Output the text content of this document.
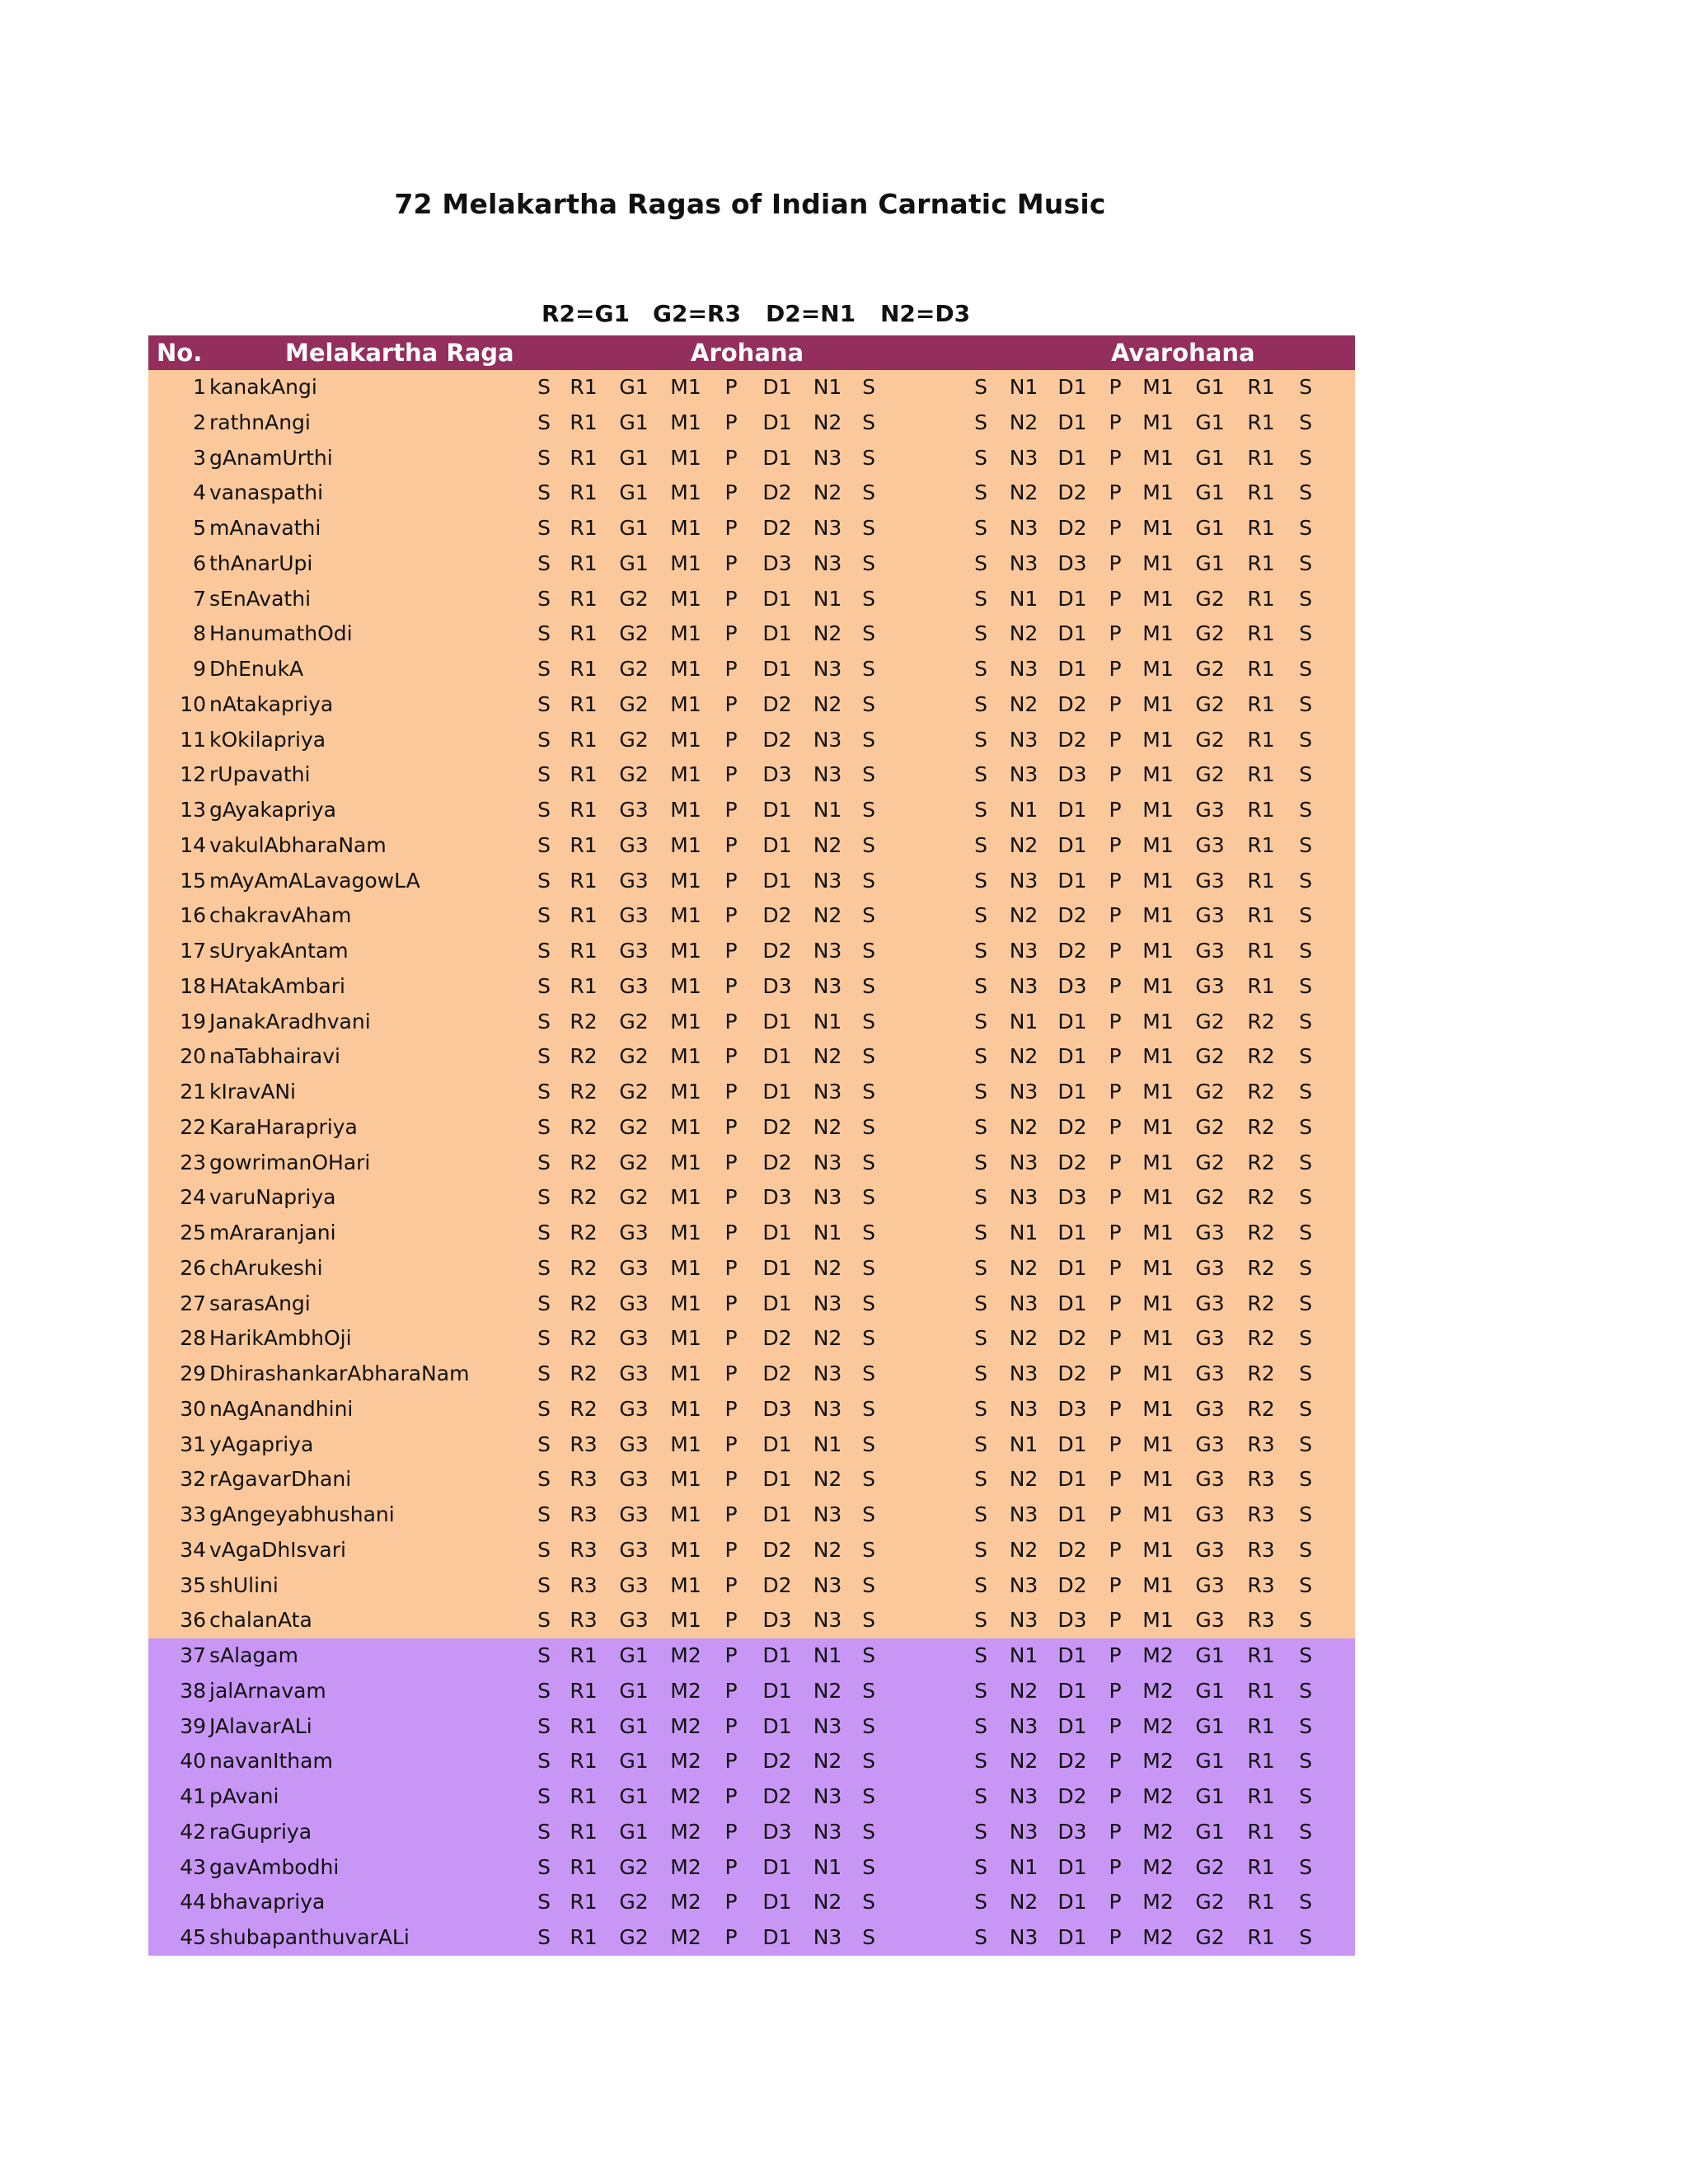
72 Melakartha Ragas of Indian Carnatic Music
R2=G1 G2=R3 D2=N1 N2=D3
No.	Melakartha Raga	Arohana	Avarohana
1 kanakAngi	S R1	G1	M1	P	D1	N1 S	S	N1 D1	P	M1	G1	R1	S
2 rathnAngi	S R1	G1	M1	P	D1	N2 S	S	N2 D1	P	M1	G1	R1	S
3 gAnamUrthi	S R1	G1	M1	P	D1	N3 S	S	N3 D1	P	M1	G1	R1	S
4 vanaspathi	S R1	G1	M1	P	D2	N2 S	S	N2 D2	P	M1	G1	R1	S
5 mAnavathi	S R1	G1	M1	P	D2	N3 S	S	N3 D2	P	M1	G1	R1	S
6 thAnarUpi	S R1	G1	M1	P	D3	N3 S	S	N3 D3	P	M1	G1	R1	S
7 sEnAvathi	S R1	G2	M1	P	D1	N1 S	S	N1 D1	P	M1	G2	R1	S
8 HanumathOdi	S R1	G2	M1	P	D1	N2 S	S	N2 D1	P	M1	G2	R1	S
9 DhEnukA	S R1	G2	M1	P	D1	N3 S	S	N3 D1	P	M1	G2	R1	S
10 nAtakapriya	S R1	G2	M1	P	D2	N2 S	S	N2 D2	P	M1	G2	R1	S
11 kOkilapriya	S R1	G2	M1	P	D2	N3 S	S	N3 D2	P	M1	G2	R1	S
12 rUpavathi	S R1	G2	M1	P	D3	N3 S	S	N3 D3	P	M1	G2	R1	S
13 gAyakapriya	S R1	G3	M1	P	D1	N1 S	S	N1 D1	P	M1	G3	R1	S
14 vakulAbharaNam	S R1	G3	M1	P	D1	N2 S	S	N2 D1	P	M1	G3	R1	S
15 mAyAmALavagowLA	S R1	G3	M1	P	D1	N3 S	S	N3 D1	P	M1	G3	R1	S
16 chakravAham	S R1	G3	M1	P	D2	N2 S	S	N2 D2	P	M1	G3	R1	S
17 sUryakAntam	S R1	G3	M1	P	D2	N3 S	S	N3 D2	P	M1	G3	R1	S
18 HAtakAmbari	S R1	G3	M1	P	D3	N3 S	S	N3 D3	P	M1	G3	R1	S
19 JanakAradhvani	S R2	G2	M1	P	D1	N1 S	S	N1 D1	P	M1	G2	R2	S
20 naTabhairavi	S R2	G2	M1	P	D1	N2 S	S	N2 D1	P	M1	G2	R2	S
21 kIravANi	S R2	G2	M1	P	D1	N3 S	S	N3 D1	P	M1	G2	R2	S
22 KaraHarapriya	S R2	G2	M1	P	D2	N2 S	S	N2 D2	P	M1	G2	R2	S
23 gowrimanOHari	S R2	G2	M1	P	D2	N3 S	S	N3 D2	P	M1	G2	R2	S
24 varuNapriya	S R2	G2	M1	P	D3	N3 S	S	N3 D3	P	M1	G2	R2	S
25 mAraranjani	S R2	G3	M1	P	D1	N1 S	S	N1 D1	P	M1	G3	R2	S
26 chArukeshi	S R2	G3	M1	P	D1	N2 S	S	N2 D1	P	M1	G3	R2	S
27 sarasAngi	S R2	G3	M1	P	D1	N3 S	S	N3 D1	P	M1	G3	R2	S
28 HarikAmbhOji	S R2	G3	M1	P	D2	N2 S	S	N2 D2	P	M1	G3	R2	S
29 DhirashankarAbharaNam	S R2	G3	M1	P	D2	N3 S	S	N3 D2	P	M1	G3	R2	S
30 nAgAnandhini	S R2	G3	M1	P	D3	N3 S	S	N3 D3	P	M1	G3	R2	S
31 yAgapriya	S R3	G3	M1	P	D1	N1 S	S	N1 D1	P	M1	G3	R3	S
32 rAgavarDhani	S R3	G3	M1	P	D1	N2 S	S	N2 D1	P	M1	G3	R3	S
33 gAngeyabhushani	S R3	G3	M1	P	D1	N3 S	S	N3 D1	P	M1	G3	R3	S
34 vAgaDhIsvari	S R3	G3	M1	P	D2	N2 S	S	N2 D2	P	M1	G3	R3	S
35 shUlini	S R3	G3	M1	P	D2	N3 S	S	N3 D2	P	M1	G3	R3	S
36 chalanAta	S R3	G3	M1	P	D3	N3 S	S	N3 D3	P	M1	G3	R3	S
37 sAlagam	S R1	G1	M2	P	D1	N1 S	S	N1 D1	P	M2	G1	R1	S
38 jalArnavam	S R1	G1	M2	P	D1	N2 S	S	N2 D1	P	M2	G1	R1	S
39 JAlavarALi	S R1	G1	M2	P	D1	N3 S	S	N3 D1	P	M2	G1	R1	S
40 navanItham	S R1	G1	M2	P	D2	N2 S	S	N2 D2	P	M2	G1	R1	S
41 pAvani	S R1	G1	M2	P	D2	N3 S	S	N3 D2	P	M2	G1	R1	S
42 raGupriya	S R1	G1	M2	P	D3	N3 S	S	N3 D3	P	M2	G1	R1	S
43 gavAmbodhi	S R1	G2	M2	P	D1	N1 S	S	N1 D1	P	M2	G2	R1	S
44 bhavapriya	S R1	G2	M2	P	D1	N2 S	S	N2 D1	P	M2	G2	R1	S
45 shubapanthuvarALi	S R1	G2	M2	P	D1	N3 S	S	N3 D1	P	M2	G2	R1	S
